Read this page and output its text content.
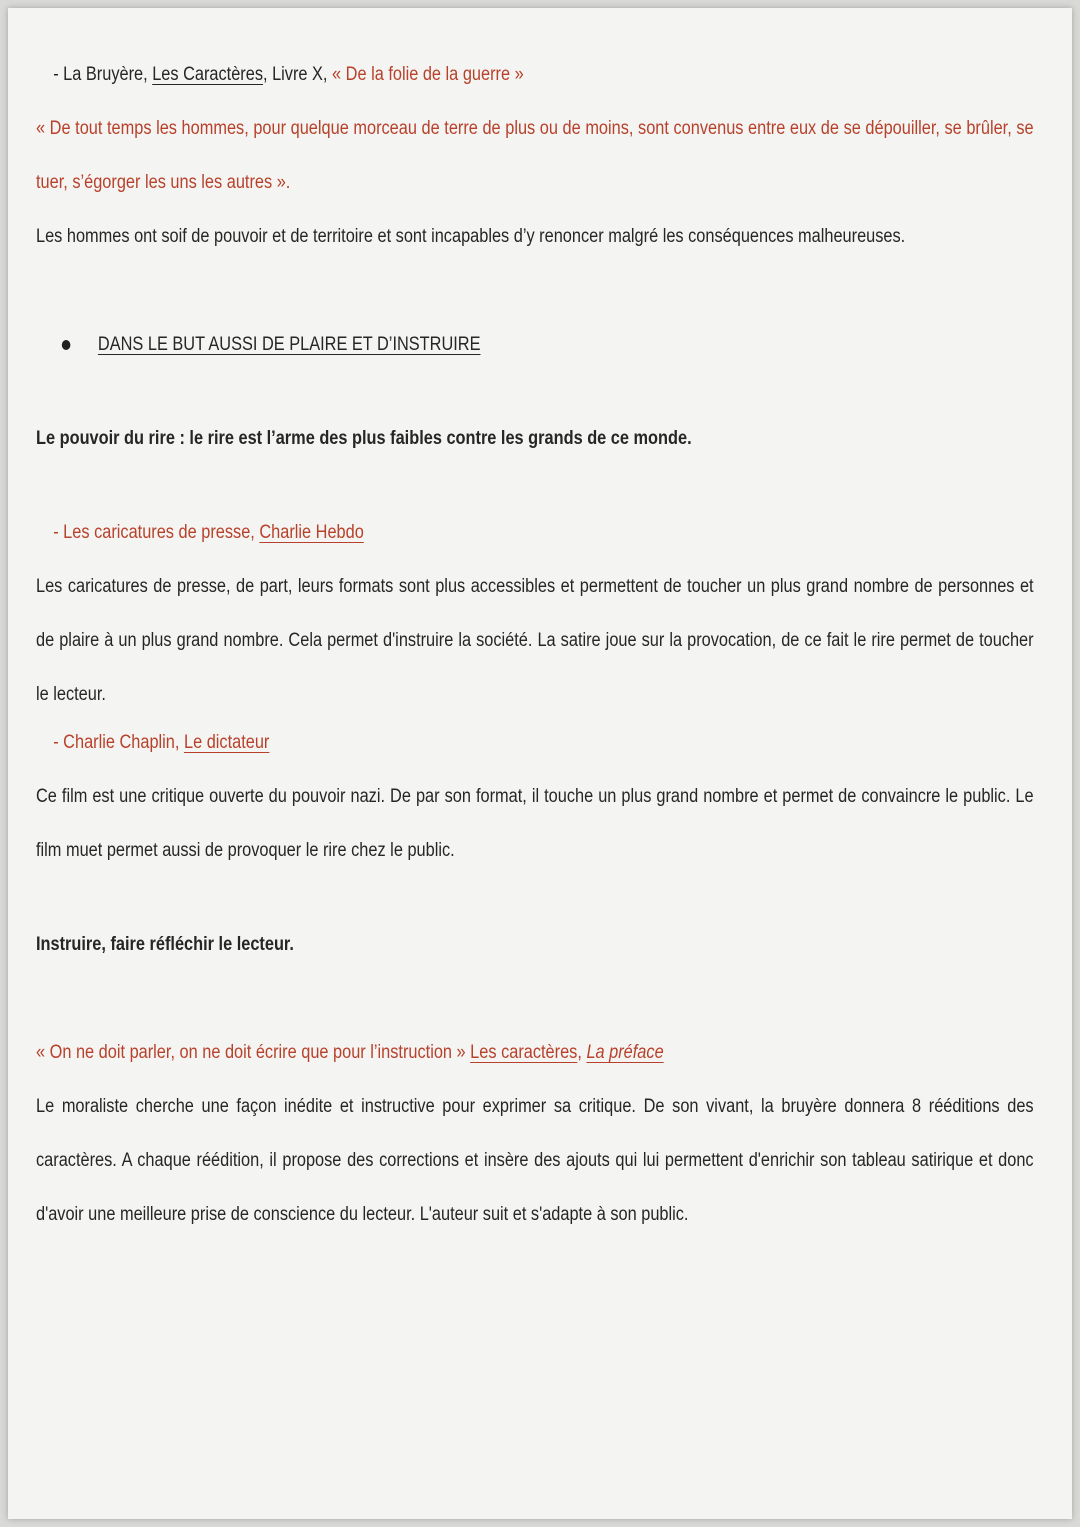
- La Bruyère, Les Caractères, Livre X, « De la folie de la guerre »

« De tout temps les hommes, pour quelque morceau de terre de plus ou de moins, sont convenus entre eux de se dépouiller, se brûler, se tuer, s’égorger les uns les autres ».

Les hommes ont soif de pouvoir et de territoire et sont incapables d’y renoncer malgré les conséquences malheureuses.

DANS LE BUT AUSSI DE PLAIRE ET D’INSTRUIRE

Le pouvoir du rire : le rire est l’arme des plus faibles contre les grands de ce monde.

- Les caricatures de presse, Charlie Hebdo

Les caricatures de presse, de part, leurs formats sont plus accessibles et permettent de toucher un plus grand nombre de personnes et de plaire à un plus grand nombre. Cela permet d'instruire la société. La satire joue sur la provocation, de ce fait le rire permet de toucher le lecteur.

- Charlie Chaplin, Le dictateur

Ce film est une critique ouverte du pouvoir nazi. De par son format, il touche un plus grand nombre et permet de convaincre le public. Le film muet permet aussi de provoquer le rire chez le public.

Instruire, faire réfléchir le lecteur.

« On ne doit parler, on ne doit écrire que pour l’instruction » Les caractères, La préface

Le moraliste cherche une façon inédite et instructive pour exprimer sa critique. De son vivant, la bruyère donnera 8 rééditions des caractères. A chaque réédition, il propose des corrections et insère des ajouts qui lui permettent d'enrichir son tableau satirique et donc d'avoir une meilleure prise de conscience du lecteur. L'auteur suit et s'adapte à son public.
